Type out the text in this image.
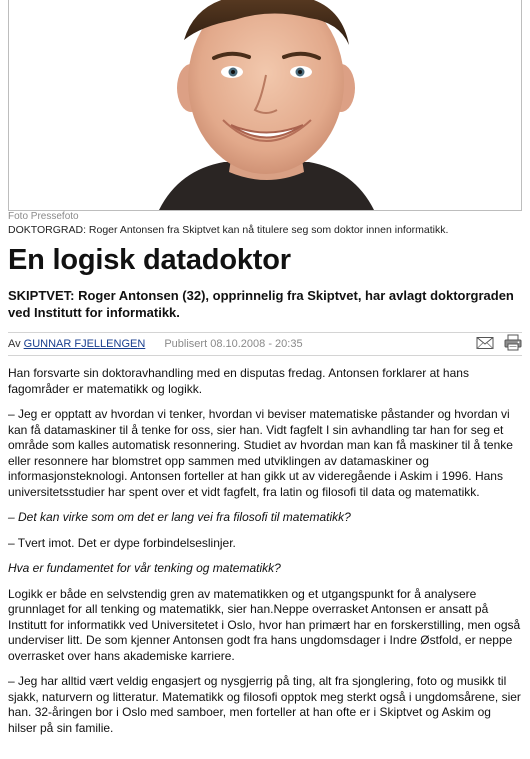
Foto Pressefoto
DOKTORGRAD: Roger Antonsen fra Skiptvet kan nå titulere seg som doktor innen informatikk.
En logisk datadoktor

SKIPTVET: Roger Antonsen (32), opprinnelig fra Skiptvet, har avlagt doktorgraden ved Institutt for informatikk.

Av GUNNAR FJELLENGEN Publisert 08.10.2008 - 20:35

Han forsvarte sin doktoravhandling med en disputas fredag. Antonsen forklarer at hans fagområder er matematikk og logikk.

– Jeg er opptatt av hvordan vi tenker, hvordan vi beviser matematiske påstander og hvordan vi kan få datamaskiner til å tenke for oss, sier han. Vidt fagfelt I sin avhandling tar han for seg et område som kalles automatisk resonnering. Studiet av hvordan man kan få maskiner til å tenke eller resonnere har blomstret opp sammen med utviklingen av datamaskiner og informasjonsteknologi. Antonsen forteller at han gikk ut av videregående i Askim i 1996. Hans universitetsstudier har spent over et vidt fagfelt, fra latin og filosofi til data og matematikk.

– Det kan virke som om det er lang vei fra filosofi til matematikk?

– Tvert imot. Det er dype forbindelseslinjer.

Hva er fundamentet for vår tenking og matematikk?

Logikk er både en selvstendig gren av matematikken og et utgangspunkt for å analysere grunnlaget for all tenking og matematikk, sier han.Neppe overrasket Antonsen er ansatt på Institutt for informatikk ved Universitetet i Oslo, hvor han primært har en forskerstilling, men også underviser litt. De som kjenner Antonsen godt fra hans ungdomsdager i Indre Østfold, er neppe overrasket over hans akademiske karriere.

– Jeg har alltid vært veldig engasjert og nysgjerrig på ting, alt fra sjonglering, foto og musikk til sjakk, naturvern og litteratur. Matematikk og filosofi opptok meg sterkt også i ungdomsårene, sier han. 32-åringen bor i Oslo med samboer, men forteller at han ofte er i Skiptvet og Askim og hilser på sin familie.
